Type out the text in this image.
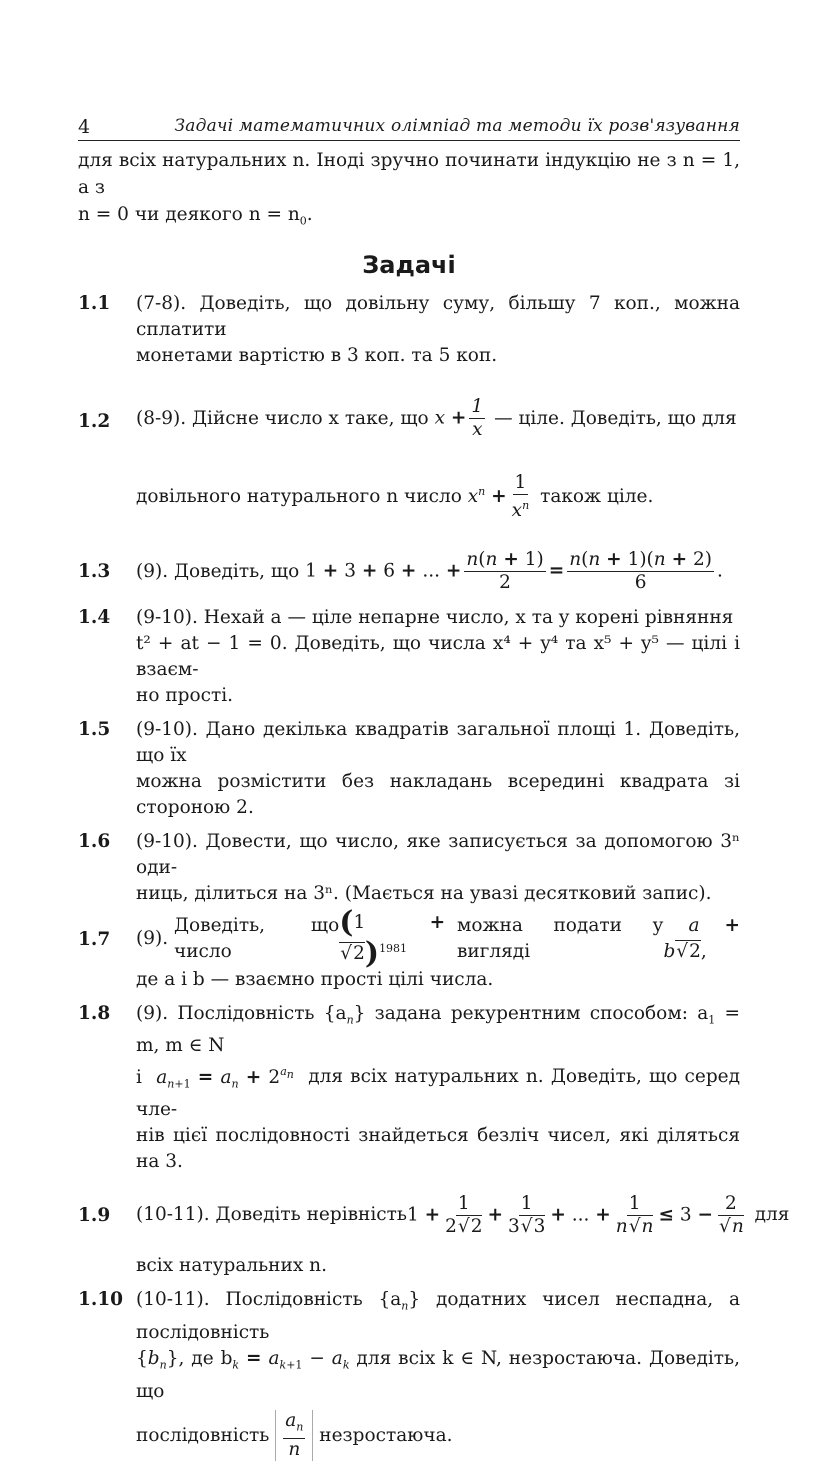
4	Задачі математичних олімпіад та методи їх розв'язування
для всіх натуральних n. Іноді зручно починати індукцію не з n = 1, а з
n = 0 чи деякого $n = n_0$.
Задачі
1.1 (7-8). Доведіть, що довільну суму, більшу 7 коп., можна сплатити
монетами вартістю в 3 коп. та 5 коп.
1.2 (8-9).
Дійсне число x таке, що $x + \frac{1}{x}$
— ціле. Доведіть, що для
довільного натурального n число $x^n + \frac{1}{x^n}$
також ціле.
1.3 (9).
Доведіть, що 1 + 3 + 6 + ... + $\frac{n(n + 1)}{2} = \frac{n(n + 1)(n + 2)}{6}$ .
1.4 (9-10). Нехай a — ціле непарне число, x та y корені рівняння
t² + at − 1 = 0. Доведіть, що числа x⁴ + y⁴ та x⁵ + y⁵ — цілі і взаєм-
но прості.
1.5 (9-10). Дано декілька квадратів загальної площі 1. Доведіть, що їх
можна розмістити без накладань всередині квадрата зі стороною 2.
1.6 (9-10). Довести, що число, яке записується за допомогою 3ⁿ оди-
ниць, ділиться на 3ⁿ. (Мається на увазі десятковий запис).
1.7 (9).

Доведіть, що число
(1 + √ 2)$^{1981}$

можна подати у вигляді
a + b √ 2,
де a і b — взаємно прості цілі числа.
1.8 (9). Послідовність $\{a_n\}$ задана рекурентним способом: $a_1 = m$, m ∈ N
і  $a_{n+1} = a_n + 2^{a_n}$ для всіх натуральних n. Доведіть, що серед чле-
нів цієї послідовності знайдеться безліч чисел, які діляться на 3.
1.9 (10-11).
Доведіть нерівність $1 + \frac{1}{2 √ 2} + \frac{1}{3 √ 3}$ + ... + $\frac{1}{n √ n} \le 3 - 2$
√ n
для
всіх натуральних n.
1.10 (10-11). Послідовність $\{a_n\}$ додатних чисел неспадна, а послідовність
$\{b_n\}$, де $b_k = a_{k+1} - a_k$ для всіх k ∈ N, незростаюча. Доведіть, що
послідовність
$\frac{a_n}{n}$
незростаюча.
